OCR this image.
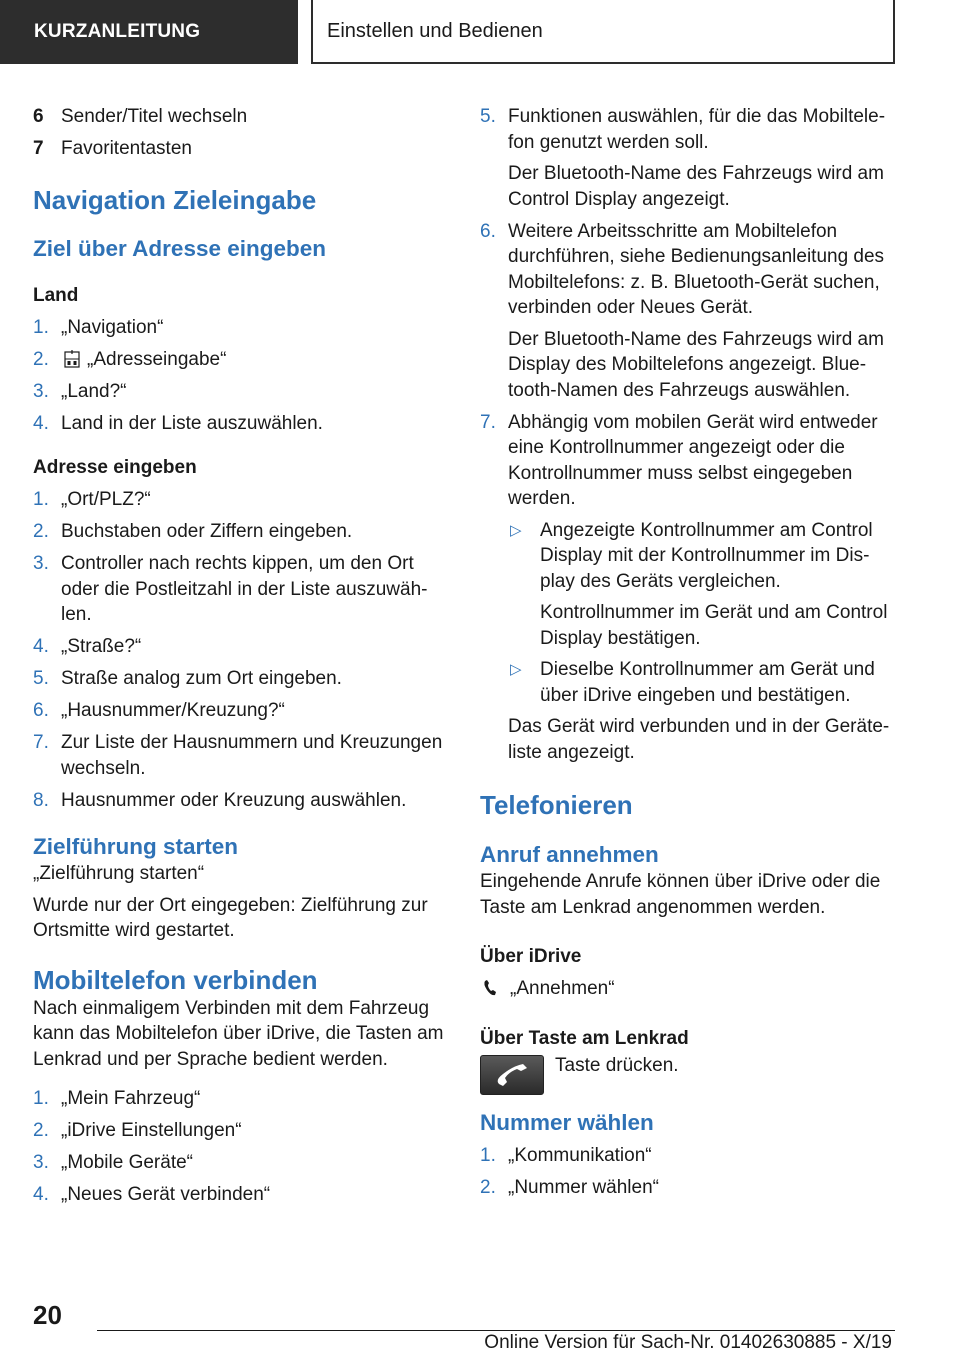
KURZANLEITUNG	Einstellen und Bedienen
6 Sender/Titel wechseln
7 Favoritentasten
Navigation Zieleingabe
Ziel über Adresse eingeben
Land
1. „Navigation“
2.	„Adresseingabe“
3. „Land?“
4. Land in der Liste auszuwählen.
Adresse eingeben
1. „Ort/PLZ?“
2. Buchstaben oder Ziffern eingeben.
3. Controller nach rechts kippen, um den Ort oder die Postleitzahl in der Liste auszuwäh‐ len.
4. „Straße?“
5. Straße analog zum Ort eingeben.
6. „Hausnummer/Kreuzung?“
7. Zur Liste der Hausnummern und Kreuzungen wechseln.
8. Hausnummer oder Kreuzung auswählen.
Zielführung starten
„Zielführung starten“
Wurde nur der Ort eingegeben: Zielführung zur Ortsmitte wird gestartet.
Mobiltelefon verbinden
Nach einmaligem Verbinden mit dem Fahrzeug kann das Mobiltelefon über iDrive, die Tasten am Lenkrad und per Sprache bedient werden.
1. „Mein Fahrzeug“
2. „iDrive Einstellungen“
3. „Mobile Geräte“
4. „Neues Gerät verbinden“
5. Funktionen auswählen, für die das Mobiltele‐ fon genutzt werden soll.
Der Bluetooth-Name des Fahrzeugs wird am Control Display angezeigt.
6. Weitere Arbeitsschritte am Mobiltelefon durchführen, siehe Bedienungsanleitung des Mobiltelefons: z. B. Bluetooth-Gerät suchen, verbinden oder Neues Gerät.
Der Bluetooth-Name des Fahrzeugs wird am Display des Mobiltelefons angezeigt. Blue‐ tooth-Namen des Fahrzeugs auswählen.
7. Abhängig vom mobilen Gerät wird entweder eine Kontrollnummer angezeigt oder die Kontrollnummer muss selbst eingegeben werden.
▷ Angezeigte Kontrollnummer am Control Display mit der Kontrollnummer im Dis‐ play des Geräts vergleichen.
Kontrollnummer im Gerät und am Control Display bestätigen.
▷ Dieselbe Kontrollnummer am Gerät und über iDrive eingeben und bestätigen.
Das Gerät wird verbunden und in der Geräte‐ liste angezeigt.
Telefonieren
Anruf annehmen
Eingehende Anrufe können über iDrive oder die Taste am Lenkrad angenommen werden.
Über iDrive
„Annehmen“
Über Taste am Lenkrad
Taste drücken.
Nummer wählen
1. „Kommunikation“
2. „Nummer wählen“
20
Online Version für Sach-Nr. 01402630885 - X/19
